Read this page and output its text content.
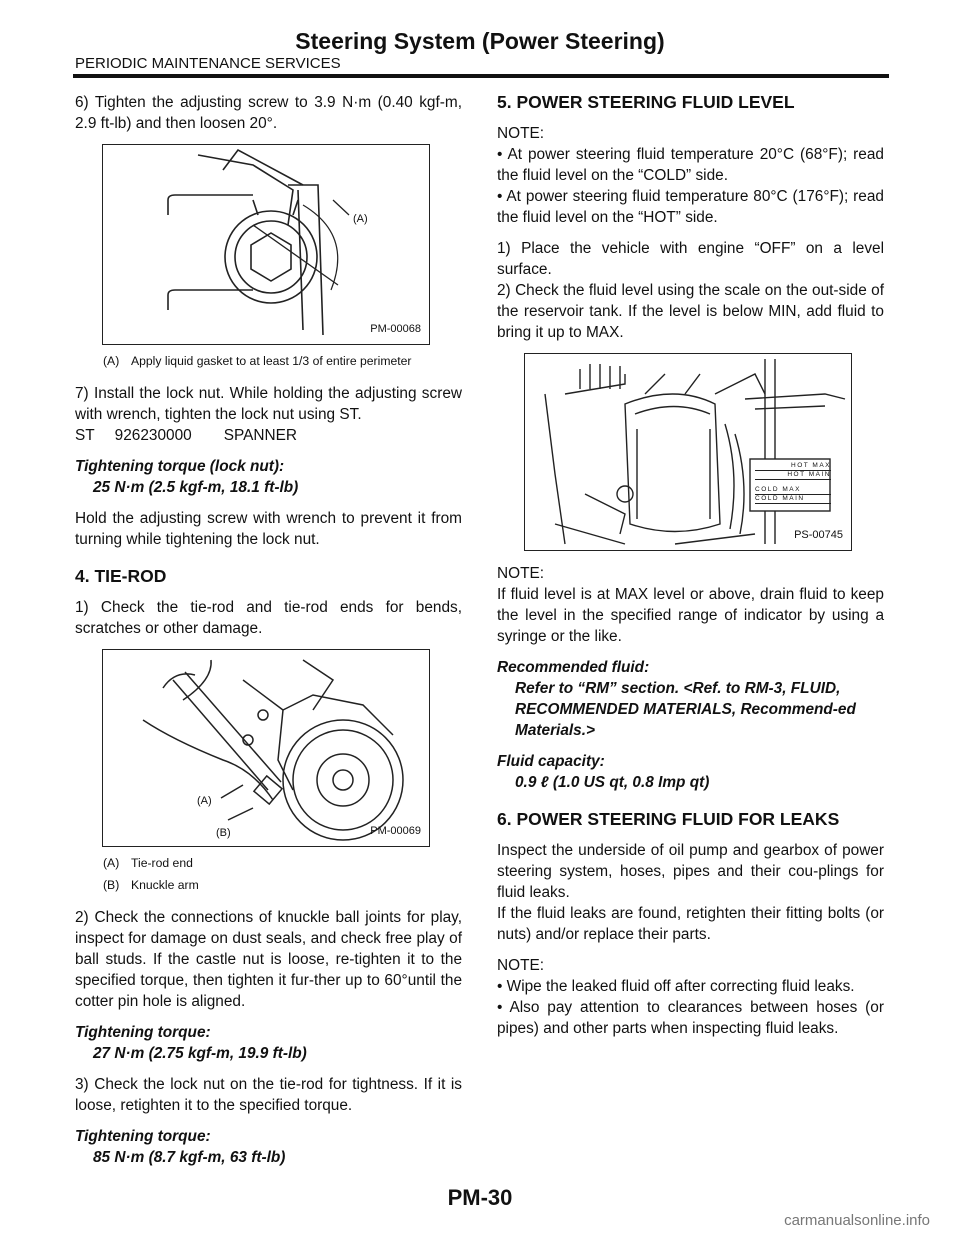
Steering System (Power Steering)
PERIODIC MAINTENANCE SERVICES

6) Tighten the adjusting screw to 3.9 N·m (0.40 kgf-m, 2.9 ft-lb) and then loosen 20°.

(A)
PM-00068
(A) Apply liquid gasket to at least 1/3 of entire perimeter

7) Install the lock nut. While holding the adjusting screw with wrench, tighten the lock nut using ST.

ST 926230000 SPANNER
Tightening torque (lock nut):
25 N·m (2.5 kgf-m, 18.1 ft-lb)

Hold the adjusting screw with wrench to prevent it from turning while tightening the lock nut.

4. TIE-ROD

1) Check the tie-rod and tie-rod ends for bends, scratches or other damage.

(A)
(B)	PM-00069
(A) Tie-rod end
(B) Knuckle arm

2) Check the connections of knuckle ball joints for play, inspect for damage on dust seals, and check free play of ball studs. If the castle nut is loose, re-tighten it to the specified torque, then tighten it fur-ther up to 60°until the cotter pin hole is aligned.

Tightening torque:
27 N·m (2.75 kgf-m, 19.9 ft-lb)

3) Check the lock nut on the tie-rod for tightness. If it is loose, retighten it to the specified torque.

Tightening torque:
85 N·m (8.7 kgf-m, 63 ft-lb)
5. POWER STEERING FLUID LEVEL

NOTE:

• At power steering fluid temperature 20°C (68°F); read the fluid level on the “COLD” side.

• At power steering fluid temperature 80°C (176°F); read the fluid level on the “HOT” side.

1) Place the vehicle with engine “OFF” on a level surface.

2) Check the fluid level using the scale on the out-side of the reservoir tank. If the level is below MIN, add fluid to bring it up to MAX.

HOT MAX
HOT MAIN
COLD MAX
COLD MAIN
PS-00745

NOTE:

If fluid level is at MAX level or above, drain fluid to keep the level in the specified range of indicator by using a syringe or the like.

Recommended fluid:
Refer to “RM” section. <Ref. to RM-3, FLUID, RECOMMENDED MATERIALS, Recommend-ed Materials.>
Fluid capacity:
0.9 ℓ (1.0 US qt, 0.8 Imp qt)
6. POWER STEERING FLUID FOR LEAKS

Inspect the underside of oil pump and gearbox of power steering system, hoses, pipes and their cou-plings for fluid leaks.

If the fluid leaks are found, retighten their fitting bolts (or nuts) and/or replace their parts.

NOTE:

• Wipe the leaked fluid off after correcting fluid leaks.

• Also pay attention to clearances between hoses (or pipes) and other parts when inspecting fluid leaks.

PM-30
carmanualsonline.info
